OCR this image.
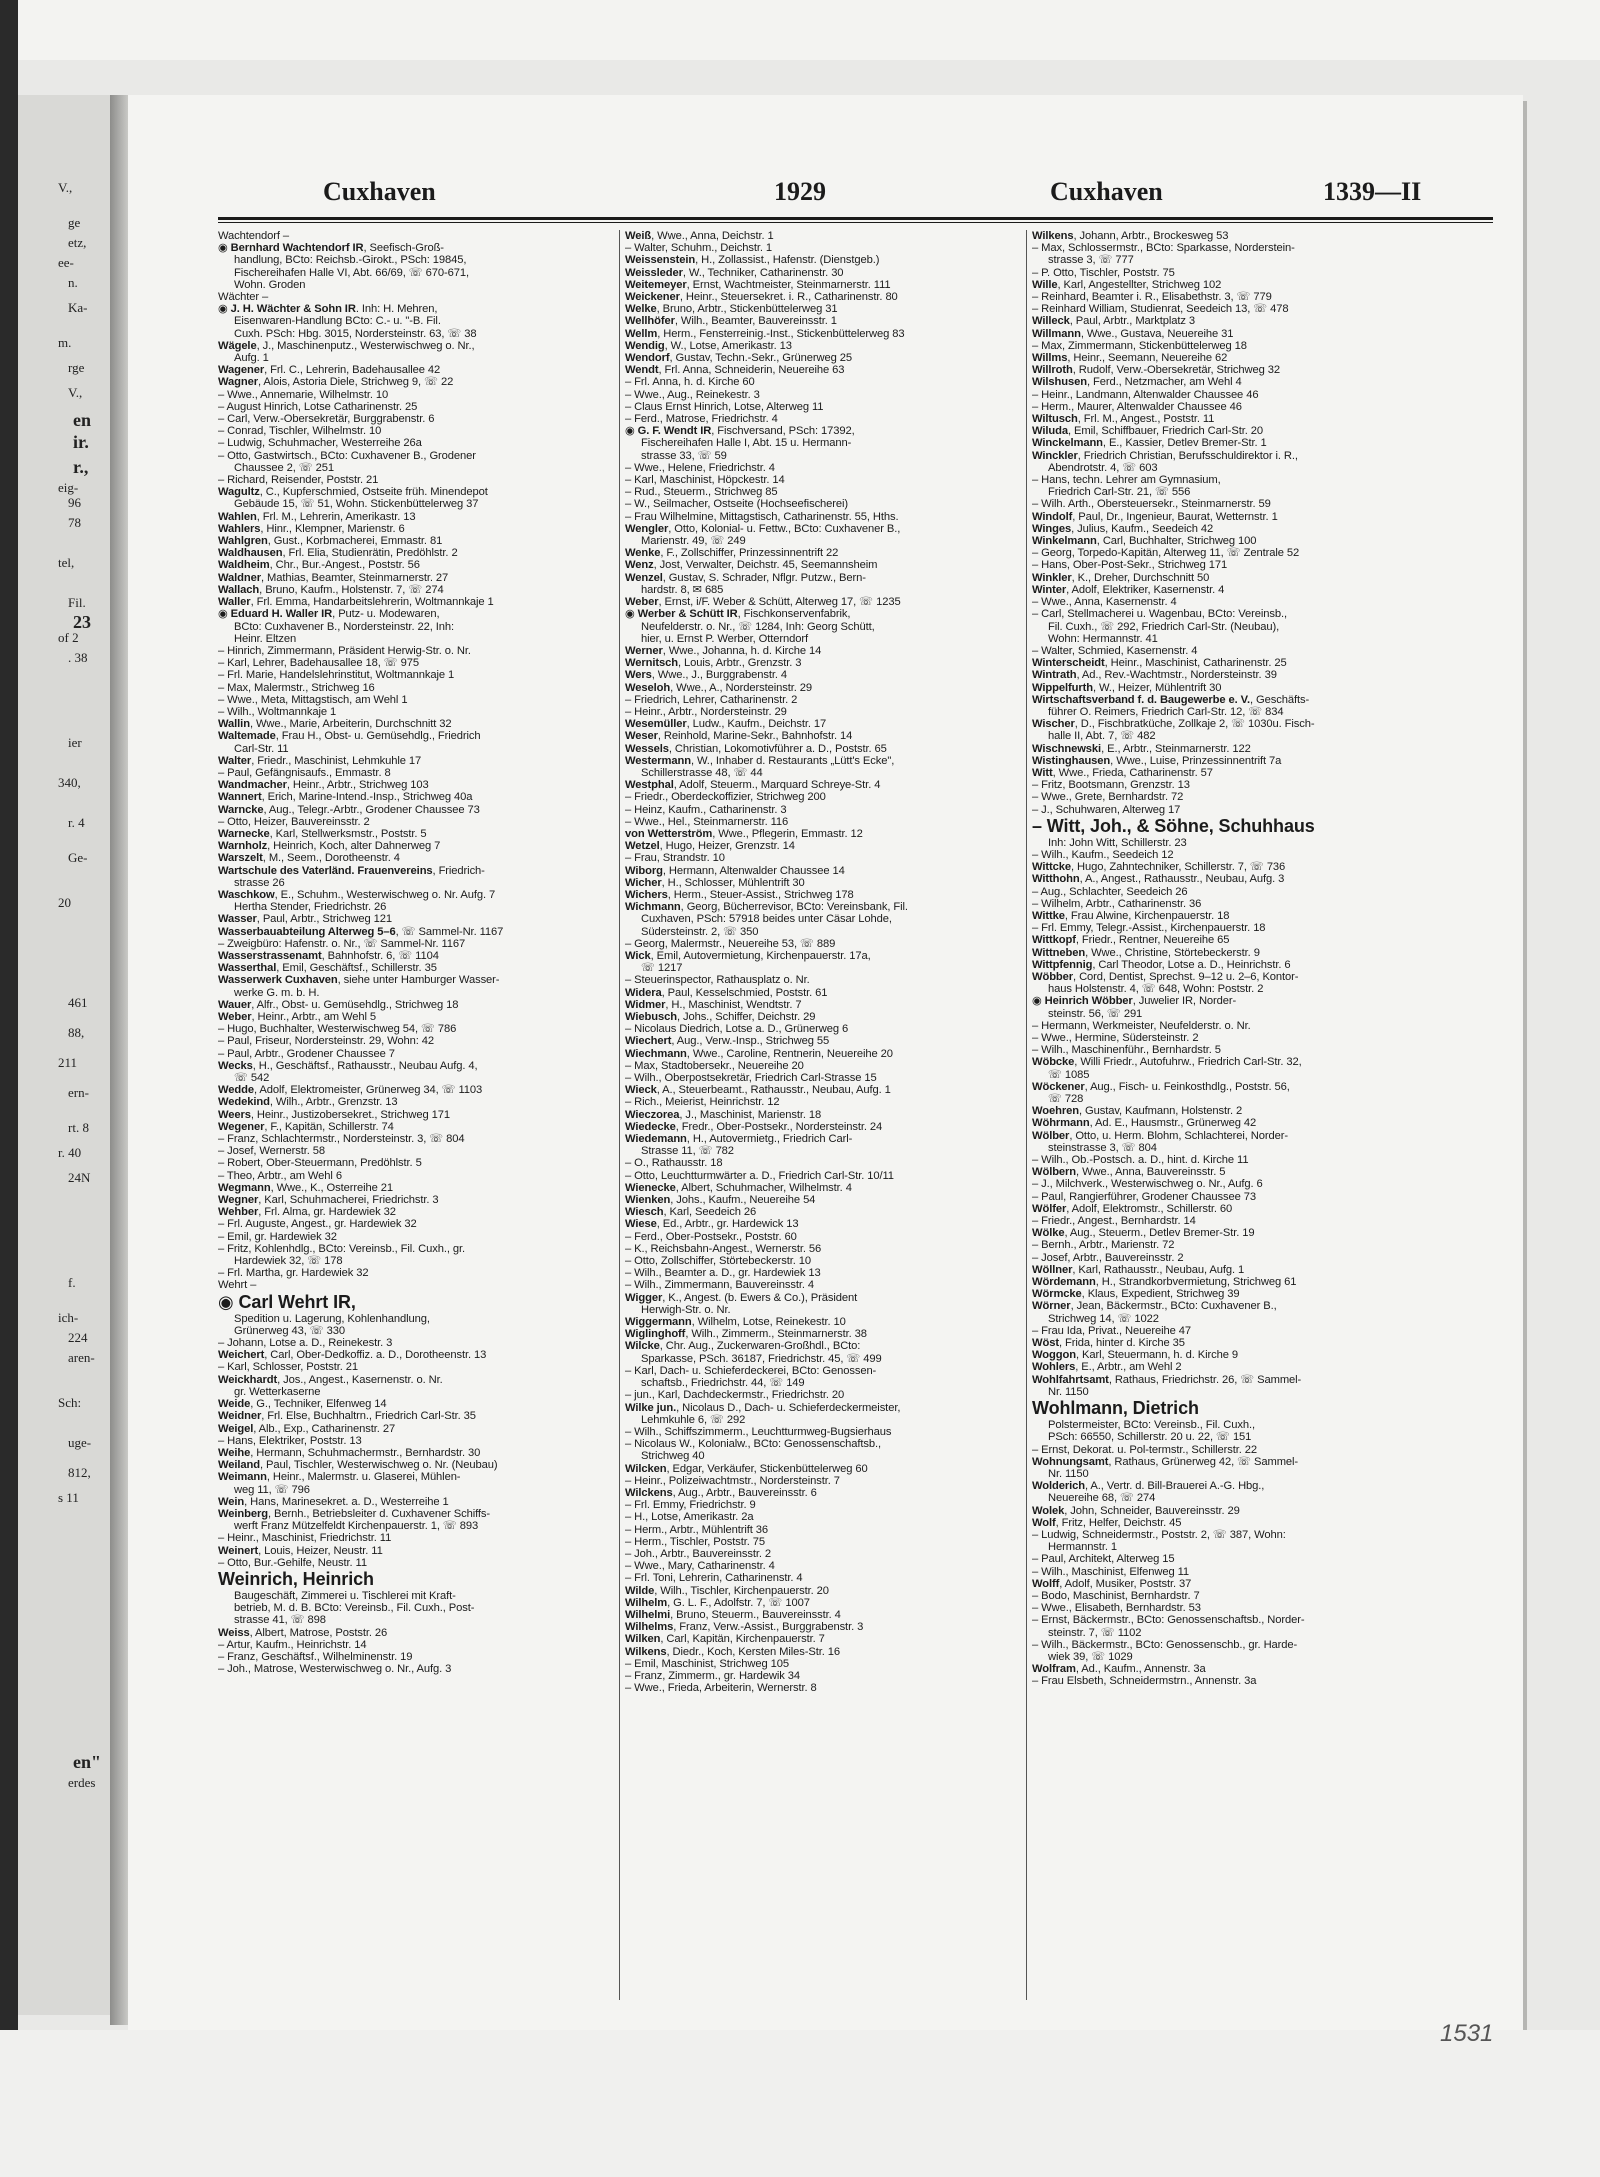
V.,
ge
etz,
ee-
n.
Ka-
m.
rge
V.,
en
ir.
r.,
eig-
96
78
tel,
Fil.
23
of 2
. 38
ier
340,
r. 4
Ge-
20
461
88,
211
ern-
rt. 8
r. 40
24N
f.
ich-
224
aren-
Sch:
uge-
812,
s 11
en"
erdes
Cuxhaven	1929	Cuxhaven	1339—II

Wachtendorf –

◉ Bernhard Wachtendorf IR, Seefisch-Groß-

handlung, BCto: Reichsb.-Girokt., PSch: 19845,

Fischereihafen Halle VI, Abt. 66/69, ☏ 670-671,

Wohn. Groden

Wächter –

◉ J. H. Wächter & Sohn IR. Inh: H. Mehren,

Eisenwaren-Handlung BCto: C.- u. "-B. Fil.

Cuxh. PSch: Hbg. 3015, Nordersteinstr. 63, ☏ 38

Wägele, J., Maschinenputz., Westerwischweg o. Nr.,

Aufg. 1

Wagener, Frl. C., Lehrerin, Badehausallee 42

Wagner, Alois, Astoria Diele, Strichweg 9, ☏ 22

– Wwe., Annemarie, Wilhelmstr. 10

– August Hinrich, Lotse Catharinenstr. 25

– Carl, Verw.-Obersekretär, Burggrabenstr. 6

– Conrad, Tischler, Wilhelmstr. 10

– Ludwig, Schuhmacher, Westerreihe 26a

– Otto, Gastwirtsch., BCto: Cuxhavener B., Grodener

Chaussee 2, ☏ 251

– Richard, Reisender, Poststr. 21

Wagultz, C., Kupferschmied, Ostseite früh. Minendepot

Gebäude 15, ☏ 51, Wohn. Stickenbüttelerweg 37

Wahlen, Frl. M., Lehrerin, Amerikastr. 13

Wahlers, Hinr., Klempner, Marienstr. 6

Wahlgren, Gust., Korbmacherei, Emmastr. 81

Waldhausen, Frl. Elia, Studienrätin, Predöhlstr. 2

Waldheim, Chr., Bur.-Angest., Poststr. 56

Waldner, Mathias, Beamter, Steinmarnerstr. 27

Wallach, Bruno, Kaufm., Holstenstr. 7, ☏ 274

Waller, Frl. Emma, Handarbeitslehrerin, Woltmannkaje 1

◉ Eduard H. Waller IR, Putz- u. Modewaren,

BCto: Cuxhavener B., Nordersteinstr. 22, Inh:

Heinr. Eltzen

– Hinrich, Zimmermann, Präsident Herwig-Str. o. Nr.

– Karl, Lehrer, Badehausallee 18, ☏ 975

– Frl. Marie, Handelslehrinstitut, Woltmannkaje 1

– Max, Malermstr., Strichweg 16

– Wwe., Meta, Mittagstisch, am Wehl 1

– Wilh., Woltmannkaje 1

Wallin, Wwe., Marie, Arbeiterin, Durchschnitt 32

Waltemade, Frau H., Obst- u. Gemüsehdlg., Friedrich

Carl-Str. 11

Walter, Friedr., Maschinist, Lehmkuhle 17

– Paul, Gefängnisaufs., Emmastr. 8

Wandmacher, Heinr., Arbtr., Strichweg 103

Wannert, Erich, Marine-Intend.-Insp., Strichweg 40a

Warncke, Aug., Telegr.-Arbtr., Grodener Chaussee 73

– Otto, Heizer, Bauvereinsstr. 2

Warnecke, Karl, Stellwerksmstr., Poststr. 5

Warnholz, Heinrich, Koch, alter Dahnerweg 7

Warszelt, M., Seem., Dorotheenstr. 4

Wartschule des Vaterländ. Frauenvereins, Friedrich-

strasse 26

Waschkow, E., Schuhm., Westerwischweg o. Nr. Aufg. 7

Hertha Stender, Friedrichstr. 26

Wasser, Paul, Arbtr., Strichweg 121

Wasserbauabteilung Alterweg 5–6, ☏ Sammel-Nr. 1167

– Zweigbüro: Hafenstr. o. Nr., ☏ Sammel-Nr. 1167

Wasserstrassenamt, Bahnhofstr. 6, ☏ 1104

Wasserthal, Emil, Geschäftsf., Schillerstr. 35

Wasserwerk Cuxhaven, siehe unter Hamburger Wasser-

werke G. m. b. H.

Wauer, Alfr., Obst- u. Gemüsehdlg., Strichweg 18

Weber, Heinr., Arbtr., am Wehl 5

– Hugo, Buchhalter, Westerwischweg 54, ☏ 786

– Paul, Friseur, Nordersteinstr. 29, Wohn: 42

– Paul, Arbtr., Grodener Chaussee 7

Wecks, H., Geschäftsf., Rathausstr., Neubau Aufg. 4,

☏ 542

Wedde, Adolf, Elektromeister, Grünerweg 34, ☏ 1103

Wedekind, Wilh., Arbtr., Grenzstr. 13

Weers, Heinr., Justizobersekret., Strichweg 171

Wegener, F., Kapitän, Schillerstr. 74

– Franz, Schlachtermstr., Nordersteinstr. 3, ☏ 804

– Josef, Wernerstr. 58

– Robert, Ober-Steuermann, Predöhlstr. 5

– Theo, Arbtr., am Wehl 6

Wegmann, Wwe., K., Osterreihe 21

Wegner, Karl, Schuhmacherei, Friedrichstr. 3

Wehber, Frl. Alma, gr. Hardewiek 32

– Frl. Auguste, Angest., gr. Hardewiek 32

– Emil, gr. Hardewiek 32

– Fritz, Kohlenhdlg., BCto: Vereinsb., Fil. Cuxh., gr.

Hardewiek 32, ☏ 178

– Frl. Martha, gr. Hardewiek 32

Wehrt –

◉ Carl Wehrt IR,

Spedition u. Lagerung, Kohlenhandlung,

Grünerweg 43, ☏ 330

– Johann, Lotse a. D., Reinekestr. 3

Weichert, Carl, Ober-Dedkoffiz. a. D., Dorotheenstr. 13

– Karl, Schlosser, Poststr. 21

Weickhardt, Jos., Angest., Kasernenstr. o. Nr.

gr. Wetterkaserne

Weide, G., Techniker, Elfenweg 14

Weidner, Frl. Else, Buchhaltrn., Friedrich Carl-Str. 35

Weigel, Alb., Exp., Catharinenstr. 27

– Hans, Elektriker, Poststr. 13

Weihe, Hermann, Schuhmachermstr., Bernhardstr. 30

Weiland, Paul, Tischler, Westerwischweg o. Nr. (Neubau)

Weimann, Heinr., Malermstr. u. Glaserei, Mühlen-

weg 11, ☏ 796

Wein, Hans, Marinesekret. a. D., Westerreihe 1

Weinberg, Bernh., Betriebsleiter d. Cuxhavener Schiffs-

werft Franz Mützelfeldt Kirchenpauerstr. 1, ☏ 893

– Heinr., Maschinist, Friedrichstr. 11

Weinert, Louis, Heizer, Neustr. 11

– Otto, Bur.-Gehilfe, Neustr. 11

Weinrich, Heinrich

Baugeschäft, Zimmerei u. Tischlerei mit Kraft-

betrieb, M. d. B. BCto: Vereinsb., Fil. Cuxh., Post-

strasse 41, ☏ 898

Weiss, Albert, Matrose, Poststr. 26

– Artur, Kaufm., Heinrichstr. 14

– Franz, Geschäftsf., Wilhelminenstr. 19

– Joh., Matrose, Westerwischweg o. Nr., Aufg. 3

Weiß, Wwe., Anna, Deichstr. 1

– Walter, Schuhm., Deichstr. 1

Weissenstein, H., Zollassist., Hafenstr. (Dienstgeb.)

Weissleder, W., Techniker, Catharinenstr. 30

Weitemeyer, Ernst, Wachtmeister, Steinmarnerstr. 111

Weickener, Heinr., Steuersekret. i. R., Catharinenstr. 80

Welke, Bruno, Arbtr., Stickenbüttelerweg 31

Wellhöfer, Wilh., Beamter, Bauvereinsstr. 1

Wellm, Herm., Fensterreinig.-Inst., Stickenbüttelerweg 83

Wendig, W., Lotse, Amerikastr. 13

Wendorf, Gustav, Techn.-Sekr., Grünerweg 25

Wendt, Frl. Anna, Schneiderin, Neuereihe 63

– Frl. Anna, h. d. Kirche 60

– Wwe., Aug., Reinekestr. 3

– Claus Ernst Hinrich, Lotse, Alterweg 11

– Ferd., Matrose, Friedrichstr. 4

◉ G. F. Wendt IR, Fischversand, PSch: 17392,

Fischereihafen Halle I, Abt. 15 u. Hermann-

strasse 33, ☏ 59

– Wwe., Helene, Friedrichstr. 4

– Karl, Maschinist, Höpckestr. 14

– Rud., Steuerm., Strichweg 85

– W., Seilmacher, Ostseite (Hochseefischerei)

– Frau Wilhelmine, Mittagstisch, Catharinenstr. 55, Hths.

Wengler, Otto, Kolonial- u. Fettw., BCto: Cuxhavener B.,

Marienstr. 49, ☏ 249

Wenke, F., Zollschiffer, Prinzessinnentrift 22

Wenz, Jost, Verwalter, Deichstr. 45, Seemannsheim

Wenzel, Gustav, S. Schrader, Nflgr. Putzw., Bern-

hardstr. 8, ✉ 685

Weber, Ernst, i/F. Weber & Schütt, Alterweg 17, ☏ 1235

◉ Werber & Schütt IR, Fischkonservenfabrik,

Neufelderstr. o. Nr., ☏ 1284, Inh: Georg Schütt,

hier, u. Ernst P. Werber, Otterndorf

Werner, Wwe., Johanna, h. d. Kirche 14

Wernitsch, Louis, Arbtr., Grenzstr. 3

Wers, Wwe., J., Burggrabenstr. 4

Weseloh, Wwe., A., Nordersteinstr. 29

– Friedrich, Lehrer, Catharinenstr. 2

– Heinr., Arbtr., Nordersteinstr. 29

Wesemüller, Ludw., Kaufm., Deichstr. 17

Weser, Reinhold, Marine-Sekr., Bahnhofstr. 14

Wessels, Christian, Lokomotivführer a. D., Poststr. 65

Westermann, W., Inhaber d. Restaurants „Lütt's Ecke",

Schillerstrasse 48, ☏ 44

Westphal, Adolf, Steuerm., Marquard Schreye-Str. 4

– Friedr., Oberdeckoffizier, Strichweg 200

– Heinz, Kaufm., Catharinenstr. 3

– Wwe., Hel., Steinmarnerstr. 116

von Wetterström, Wwe., Pflegerin, Emmastr. 12

Wetzel, Hugo, Heizer, Grenzstr. 14

– Frau, Strandstr. 10

Wiborg, Hermann, Altenwalder Chaussee 14

Wicher, H., Schlosser, Mühlentrift 30

Wichers, Herm., Steuer-Assist., Strichweg 178

Wichmann, Georg, Bücherrevisor, BCto: Vereinsbank, Fil.

Cuxhaven, PSch: 57918 beides unter Cäsar Lohde,

Südersteinstr. 2, ☏ 350

– Georg, Malermstr., Neuereihe 53, ☏ 889

Wick, Emil, Autovermietung, Kirchenpauerstr. 17a,

☏ 1217

– Steuerinspector, Rathausplatz o. Nr.

Widera, Paul, Kesselschmied, Poststr. 61

Widmer, H., Maschinist, Wendtstr. 7

Wiebusch, Johs., Schiffer, Deichstr. 29

– Nicolaus Diedrich, Lotse a. D., Grünerweg 6

Wiechert, Aug., Verw.-Insp., Strichweg 55

Wiechmann, Wwe., Caroline, Rentnerin, Neuereihe 20

– Max, Stadtobersekr., Neuereihe 20

– Wilh., Oberpostsekretär, Friedrich Carl-Strasse 15

Wieck, A., Steuerbeamt., Rathausstr., Neubau, Aufg. 1

– Rich., Meierist, Heinrichstr. 12

Wieczorea, J., Maschinist, Marienstr. 18

Wiedecke, Fredr., Ober-Postsekr., Nordersteinstr. 24

Wiedemann, H., Autovermietg., Friedrich Carl-

Strasse 11, ☏ 782

– O., Rathausstr. 18

– Otto, Leuchtturmwärter a. D., Friedrich Carl-Str. 10/11

Wienecke, Albert, Schuhmacher, Wilhelmstr. 4

Wienken, Johs., Kaufm., Neuereihe 54

Wiesch, Karl, Seedeich 26

Wiese, Ed., Arbtr., gr. Hardewick 13

– Ferd., Ober-Postsekr., Poststr. 60

– K., Reichsbahn-Angest., Wernerstr. 56

– Otto, Zollschiffer, Störtebeckerstr. 10

– Wilh., Beamter a. D., gr. Hardewiek 13

– Wilh., Zimmermann, Bauvereinsstr. 4

Wigger, K., Angest. (b. Ewers & Co.), Präsident

Herwigh-Str. o. Nr.

Wiggermann, Wilhelm, Lotse, Reinekestr. 10

Wiglinghoff, Wilh., Zimmerm., Steinmarnerstr. 38

Wilcke, Chr. Aug., Zuckerwaren-Großhdl., BCto:

Sparkasse, PSch. 36187, Friedrichstr. 45, ☏ 499

– Karl, Dach- u. Schieferdeckerei, BCto: Genossen-

schaftsb., Friedrichstr. 44, ☏ 149

– jun., Karl, Dachdeckermstr., Friedrichstr. 20

Wilke jun., Nicolaus D., Dach- u. Schieferdeckermeister,

Lehmkuhle 6, ☏ 292

– Wilh., Schiffszimmerm., Leuchtturmweg-Bugsierhaus

– Nicolaus W., Kolonialw., BCto: Genossenschaftsb.,

Strichweg 40

Wilcken, Edgar, Verkäufer, Stickenbüttelerweg 60

– Heinr., Polizeiwachtmstr., Nordersteinstr. 7

Wilckens, Aug., Arbtr., Bauvereinsstr. 6

– Frl. Emmy, Friedrichstr. 9

– H., Lotse, Amerikastr. 2a

– Herm., Arbtr., Mühlentrift 36

– Herm., Tischler, Poststr. 75

– Joh., Arbtr., Bauvereinsstr. 2

– Wwe., Mary, Catharinenstr. 4

– Frl. Toni, Lehrerin, Catharinenstr. 4

Wilde, Wilh., Tischler, Kirchenpauerstr. 20

Wilhelm, G. L. F., Adolfstr. 7, ☏ 1007

Wilhelmi, Bruno, Steuerm., Bauvereinsstr. 4

Wilhelms, Franz, Verw.-Assist., Burggrabenstr. 3

Wilken, Carl, Kapitän, Kirchenpauerstr. 7

Wilkens, Diedr., Koch, Kersten Miles-Str. 16

– Emil, Maschinist, Strichweg 105

– Franz, Zimmerm., gr. Hardewik 34

– Wwe., Frieda, Arbeiterin, Wernerstr. 8

Wilkens, Johann, Arbtr., Brockesweg 53

– Max, Schlossermstr., BCto: Sparkasse, Norderstein-

strasse 3, ☏ 777

– P. Otto, Tischler, Poststr. 75

Wille, Karl, Angestellter, Strichweg 102

– Reinhard, Beamter i. R., Elisabethstr. 3, ☏ 779

– Reinhard William, Studienrat, Seedeich 13, ☏ 478

Willeck, Paul, Arbtr., Marktplatz 3

Willmann, Wwe., Gustava, Neuereihe 31

– Max, Zimmermann, Stickenbüttelerweg 18

Willms, Heinr., Seemann, Neuereihe 62

Willroth, Rudolf, Verw.-Obersekretär, Strichweg 32

Wilshusen, Ferd., Netzmacher, am Wehl 4

– Heinr., Landmann, Altenwalder Chaussee 46

– Herm., Maurer, Altenwalder Chaussee 46

Wiltusch, Frl. M., Angest., Poststr. 11

Wiluda, Emil, Schiffbauer, Friedrich Carl-Str. 20

Winckelmann, E., Kassier, Detlev Bremer-Str. 1

Winckler, Friedrich Christian, Berufsschuldirektor i. R.,

Abendrotstr. 4, ☏ 603

– Hans, techn. Lehrer am Gymnasium,

Friedrich Carl-Str. 21, ☏ 556

– Wilh. Arth., Obersteuersekr., Steinmarnerstr. 59

Windolf, Paul, Dr., Ingenieur, Baurat, Wetternstr. 1

Winges, Julius, Kaufm., Seedeich 42

Winkelmann, Carl, Buchhalter, Strichweg 100

– Georg, Torpedo-Kapitän, Alterweg 11, ☏ Zentrale 52

– Hans, Ober-Post-Sekr., Strichweg 171

Winkler, K., Dreher, Durchschnitt 50

Winter, Adolf, Elektriker, Kasernenstr. 4

– Wwe., Anna, Kasernenstr. 4

– Carl, Stellmacherei u. Wagenbau, BCto: Vereinsb.,

Fil. Cuxh., ☏ 292, Friedrich Carl-Str. (Neubau),

Wohn: Hermannstr. 41

– Walter, Schmied, Kasernenstr. 4

Winterscheidt, Heinr., Maschinist, Catharinenstr. 25

Wintrath, Ad., Rev.-Wachtmstr., Nordersteinstr. 39

Wippelfurth, W., Heizer, Mühlentrift 30

Wirtschaftsverband f. d. Baugewerbe e. V., Geschäfts-

führer O. Reimers, Friedrich Carl-Str. 12, ☏ 834

Wischer, D., Fischbratküche, Zollkaje 2, ☏ 1030u. Fisch-

halle II, Abt. 7, ☏ 482

Wischnewski, E., Arbtr., Steinmarnerstr. 122

Wistinghausen, Wwe., Luise, Prinzessinnentrift 7a

Witt, Wwe., Frieda, Catharinenstr. 57

– Fritz, Bootsmann, Grenzstr. 13

– Wwe., Grete, Bernhardstr. 72

– J., Schuhwaren, Alterweg 17

– Witt, Joh., & Söhne, Schuhhaus

Inh: John Witt, Schillerstr. 23

– Wilh., Kaufm., Seedeich 12

Wittcke, Hugo, Zahntechniker, Schillerstr. 7, ☏ 736

Witthohn, A., Angest., Rathausstr., Neubau, Aufg. 3

– Aug., Schlachter, Seedeich 26

– Wilhelm, Arbtr., Catharinenstr. 36

Wittke, Frau Alwine, Kirchenpauerstr. 18

– Frl. Emmy, Telegr.-Assist., Kirchenpauerstr. 18

Wittkopf, Friedr., Rentner, Neuereihe 65

Wittneben, Wwe., Christine, Störtebeckerstr. 9

Wittpfennig, Carl Theodor, Lotse a. D., Heinrichstr. 6

Wöbber, Cord, Dentist, Sprechst. 9–12 u. 2–6, Kontor-

haus Holstenstr. 4, ☏ 648, Wohn: Poststr. 2

◉ Heinrich Wöbber, Juwelier IR, Norder-

steinstr. 56, ☏ 291

– Hermann, Werkmeister, Neufelderstr. o. Nr.

– Wwe., Hermine, Südersteinstr. 2

– Wilh., Maschinenführ., Bernhardstr. 5

Wöbcke, Willi Friedr., Autofuhrw., Friedrich Carl-Str. 32,

☏ 1085

Wöckener, Aug., Fisch- u. Feinkosthdlg., Poststr. 56,

☏ 728

Woehren, Gustav, Kaufmann, Holstenstr. 2

Wöhrmann, Ad. E., Hausmstr., Grünerweg 42

Wölber, Otto, u. Herm. Blohm, Schlachterei, Norder-

steinstrasse 3, ☏ 804

– Wilh., Ob.-Postsch. a. D., hint. d. Kirche 11

Wölbern, Wwe., Anna, Bauvereinsstr. 5

– J., Milchverk., Westerwischweg o. Nr., Aufg. 6

– Paul, Rangierführer, Grodener Chaussee 73

Wölfer, Adolf, Elektromstr., Schillerstr. 60

– Friedr., Angest., Bernhardstr. 14

Wölke, Aug., Steuerm., Detlev Bremer-Str. 19

– Bernh., Arbtr., Marienstr. 72

– Josef, Arbtr., Bauvereinsstr. 2

Wöllner, Karl, Rathausstr., Neubau, Aufg. 1

Wördemann, H., Strandkorbvermietung, Strichweg 61

Wörmcke, Klaus, Expedient, Strichweg 39

Wörner, Jean, Bäckermstr., BCto: Cuxhavener B.,

Strichweg 14, ☏ 1022

– Frau Ida, Privat., Neuereihe 47

Wöst, Frida, hinter d. Kirche 35

Woggon, Karl, Steuermann, h. d. Kirche 9

Wohlers, E., Arbtr., am Wehl 2

Wohlfahrtsamt, Rathaus, Friedrichstr. 26, ☏ Sammel-

Nr. 1150

Wohlmann, Dietrich

Polstermeister, BCto: Vereinsb., Fil. Cuxh.,

PSch: 66550, Schillerstr. 20 u. 22, ☏ 151

– Ernst, Dekorat. u. Pol-termstr., Schillerstr. 22

Wohnungsamt, Rathaus, Grünerweg 42, ☏ Sammel-

Nr. 1150

Wolderich, A., Vertr. d. Bill-Brauerei A.-G. Hbg.,

Neuereihe 68, ☏ 274

Wolek, John, Schneider, Bauvereinsstr. 29

Wolf, Fritz, Helfer, Deichstr. 45

– Ludwig, Schneidermstr., Poststr. 2, ☏ 387, Wohn:

Hermannstr. 1

– Paul, Architekt, Alterweg 15

– Wilh., Maschinist, Elfenweg 11

Wolff, Adolf, Musiker, Poststr. 37

– Bodo, Maschinist, Bernhardstr. 7

– Wwe., Elisabeth, Bernhardstr. 53

– Ernst, Bäckermstr., BCto: Genossenschaftsb., Norder-

steinstr. 7, ☏ 1102

– Wilh., Bäckermstr., BCto: Genossenschb., gr. Harde-

wiek 39, ☏ 1029

Wolfram, Ad., Kaufm., Annenstr. 3a

– Frau Elsbeth, Schneidermstrn., Annenstr. 3a

1531
